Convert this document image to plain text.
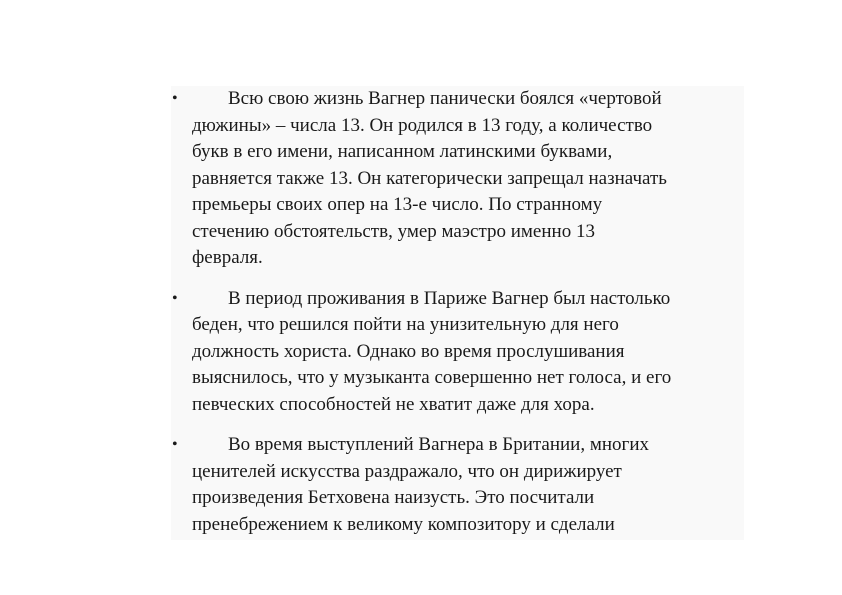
•	Всю свою жизнь Вагнер панически боялся «чертовой
дюжины» – числа 13. Он родился в 13 году, а количество
букв в его имени, написанном латинскими буквами,
равняется также 13. Он категорически запрещал назначать
премьеры своих опер на 13-е число. По странному
стечению обстоятельств, умер маэстро именно 13
февраля.
•	В период проживания в Париже Вагнер был настолько
беден, что решился пойти на унизительную для него
должность хориста. Однако во время прослушивания
выяснилось, что у музыканта совершенно нет голоса, и его
певческих способностей не хватит даже для хора.
•	Во время выступлений Вагнера в Британии, многих
ценителей искусства раздражало, что он дирижирует
произведения Бетховена наизусть. Это посчитали
пренебрежением к великому композитору и сделали
